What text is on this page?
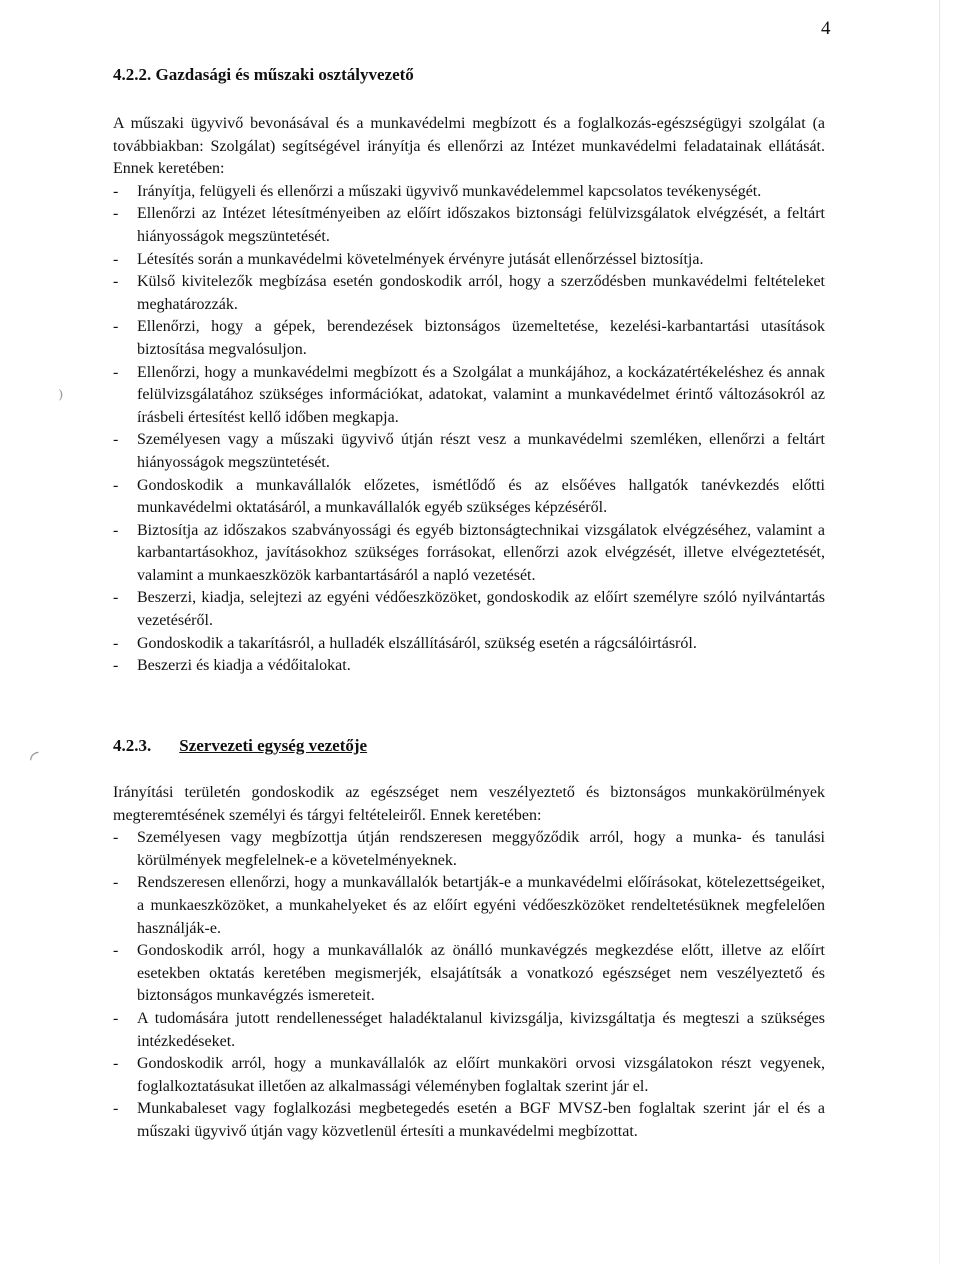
4
4.2.2. Gazdasági és műszaki osztályvezető

A műszaki ügyvivő bevonásával és a munkavédelmi megbízott és a foglalkozás-egészségügyi szolgálat (a továbbiakban: Szolgálat) segítségével irányítja és ellenőrzi az Intézet munkavédelmi feladatainak ellátását. Ennek keretében:

- Irányítja, felügyeli és ellenőrzi a műszaki ügyvivő munkavédelemmel kapcsolatos tevékenységét.
- Ellenőrzi az Intézet létesítményeiben az előírt időszakos biztonsági felülvizsgálatok elvégzését, a feltárt hiányosságok megszüntetését.
- Létesítés során a munkavédelmi követelmények érvényre jutását ellenőrzéssel biztosítja.
- Külső kivitelezők megbízása esetén gondoskodik arról, hogy a szerződésben munkavédelmi feltételeket meghatározzák.
- Ellenőrzi, hogy a gépek, berendezések biztonságos üzemeltetése, kezelési-karbantartási utasítások biztosítása megvalósuljon.
- Ellenőrzi, hogy a munkavédelmi megbízott és a Szolgálat a munkájához, a kockázatértékeléshez és annak felülvizsgálatához szükséges információkat, adatokat, valamint a munkavédelmet érintő változásokról az írásbeli értesítést kellő időben megkapja.
- Személyesen vagy a műszaki ügyvivő útján részt vesz a munkavédelmi szemléken, ellenőrzi a feltárt hiányosságok megszüntetését.
- Gondoskodik a munkavállalók előzetes, ismétlődő és az elsőéves hallgatók tanévkezdés előtti munkavédelmi oktatásáról, a munkavállalók egyéb szükséges képzéséről.
- Biztosítja az időszakos szabványossági és egyéb biztonságtechnikai vizsgálatok elvégzéséhez, valamint a karbantartásokhoz, javításokhoz szükséges forrásokat, ellenőrzi azok elvégzését, illetve elvégeztetését, valamint a munkaeszközök karbantartásáról a napló vezetését.
- Beszerzi, kiadja, selejtezi az egyéni védőeszközöket, gondoskodik az előírt személyre szóló nyilvántartás vezetéséről.
- Gondoskodik a takarításról, a hulladék elszállításáról, szükség esetén a rágcsálóirtásról.
- Beszerzi és kiadja a védőitalokat.
4.2.3. Szervezeti egység vezetője

Irányítási területén gondoskodik az egészséget nem veszélyeztető és biztonságos munkakörülmények megteremtésének személyi és tárgyi feltételeiről. Ennek keretében:

- Személyesen vagy megbízottja útján rendszeresen meggyőződik arról, hogy a munka- és tanulási körülmények megfelelnek-e a követelményeknek.
- Rendszeresen ellenőrzi, hogy a munkavállalók betartják-e a munkavédelmi előírásokat, kötelezettségeiket, a munkaeszközöket, a munkahelyeket és az előírt egyéni védőeszközöket rendeltetésüknek megfelelően használják-e.
- Gondoskodik arról, hogy a munkavállalók az önálló munkavégzés megkezdése előtt, illetve az előírt esetekben oktatás keretében megismerjék, elsajátítsák a vonatkozó egészséget nem veszélyeztető és biztonságos munkavégzés ismereteit.
- A tudomására jutott rendellenességet haladéktalanul kivizsgálja, kivizsgáltatja és megteszi a szükséges intézkedéseket.
- Gondoskodik arról, hogy a munkavállalók az előírt munkaköri orvosi vizsgálatokon részt vegyenek, foglalkoztatásukat illetően az alkalmassági véleményben foglaltak szerint jár el.
- Munkabaleset vagy foglalkozási megbetegedés esetén a BGF MVSZ-ben foglaltak szerint jár el és a műszaki ügyvivő útján vagy közvetlenül értesíti a munkavédelmi megbízottat.
⁾
◜
